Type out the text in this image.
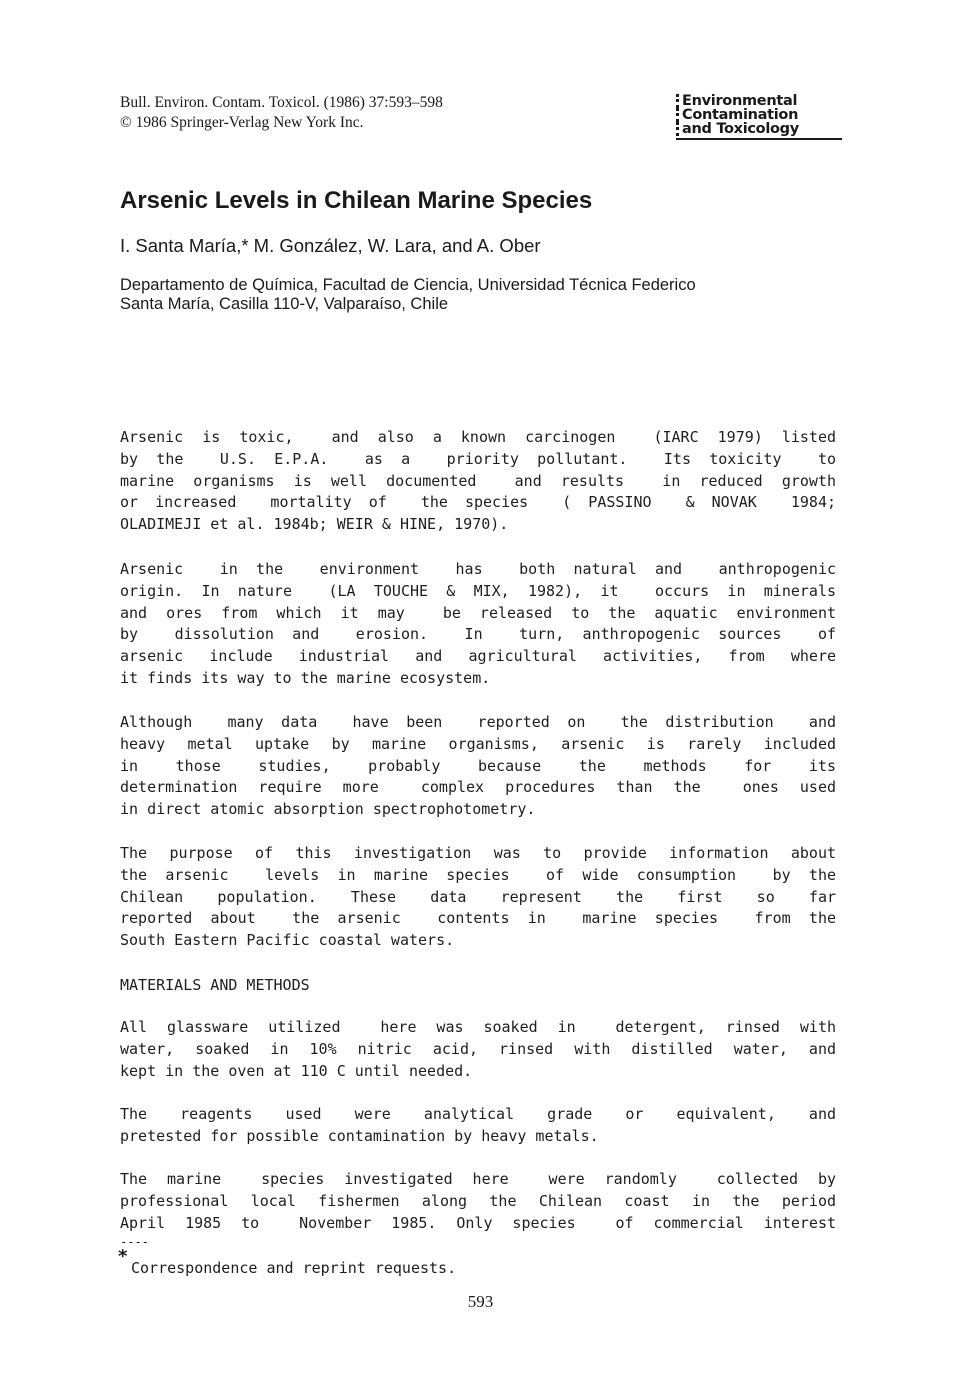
Bull. Environ. Contam. Toxicol. (1986) 37:593–598
© 1986 Springer-Verlag New York Inc.
Environmental
Contamination
and Toxicology
Arsenic Levels in Chilean Marine Species
I. Santa María,* M. González, W. Lara, and A. Ober
Departamento de Química, Facultad de Ciencia, Universidad Técnica Federico
Santa María, Casilla 110-V, Valparaíso, Chile
Arsenic is toxic,  and also a known carcinogen  (IARC 1979) listed
by the  U.S. E.P.A.  as a  priority pollutant.  Its toxicity  to
marine organisms is well documented  and results  in reduced growth
or increased  mortality of  the species  ( PASSINO  & NOVAK  1984;
OLADIMEJI et al. 1984b; WEIR & HINE, 1970).
Arsenic  in the  environment  has  both natural and  anthropogenic
origin. In nature  (LA TOUCHE & MIX, 1982), it  occurs in minerals
and ores from which it may  be released to the aquatic environment
by  dissolution and  erosion.  In  turn, anthropogenic sources  of
arsenic include industrial and agricultural activities, from where
it finds its way to the marine ecosystem.
Although  many data  have been  reported on  the distribution  and
heavy metal uptake by marine organisms, arsenic is rarely included
in  those  studies,  probably  because  the  methods  for  its
determination require more  complex procedures than the  ones used
in direct atomic absorption spectrophotometry.
The purpose of this investigation was to provide information about
the arsenic  levels in marine species  of wide consumption  by the
Chilean  population.  These  data  represent  the  first  so  far
reported about  the arsenic  contents in  marine species  from the
South Eastern Pacific coastal waters.
MATERIALS AND METHODS
All glassware utilized  here was soaked in  detergent, rinsed with
water, soaked in 10% nitric acid, rinsed with distilled water, and
kept in the oven at 110 C until needed.
The  reagents  used  were  analytical  grade  or  equivalent,  and
pretested for possible contamination by heavy metals.
The marine  species investigated here  were randomly  collected by
professional local fishermen along the Chilean coast in the period
April 1985 to  November 1985. Only species  of commercial interest
----
*
Correspondence and reprint requests.
593
